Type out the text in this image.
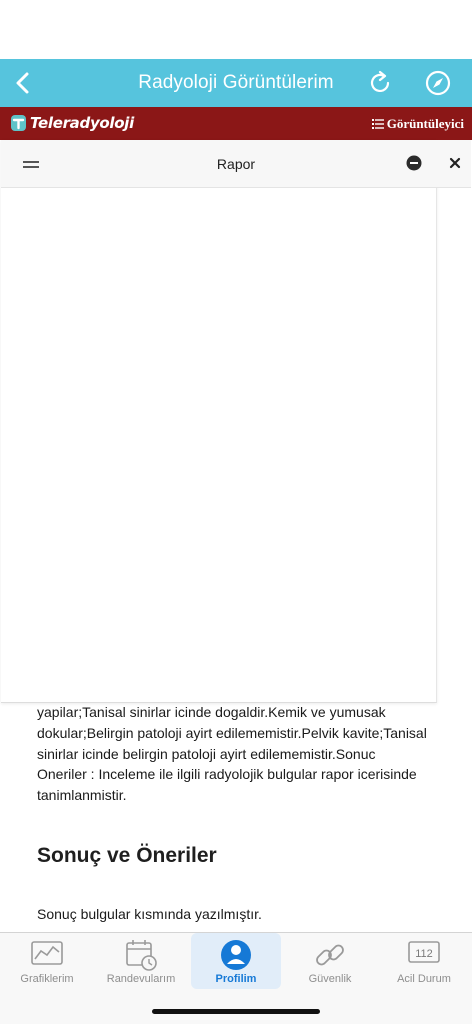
Radyoloji Görüntülerim
Teleradyoloji	Görüntüleyici
yapilar;Tanisal sinirlar icinde dogaldir.Kemik ve yumusak dokular;Belirgin patoloji ayirt edilememistir.Pelvik kavite;Tanisal sinirlar icinde belirgin patoloji ayirt edilememistir.Sonuc Oneriler : Inceleme ile ilgili radyolojik bulgular rapor icerisinde tanimlanmistir.
Sonuç ve Öneriler
Sonuç bulgular kısmında yazılmıştır.
Rapor
Grafiklerim	Randevularım	Profilim	Güvenlik
112
Acil Durum
